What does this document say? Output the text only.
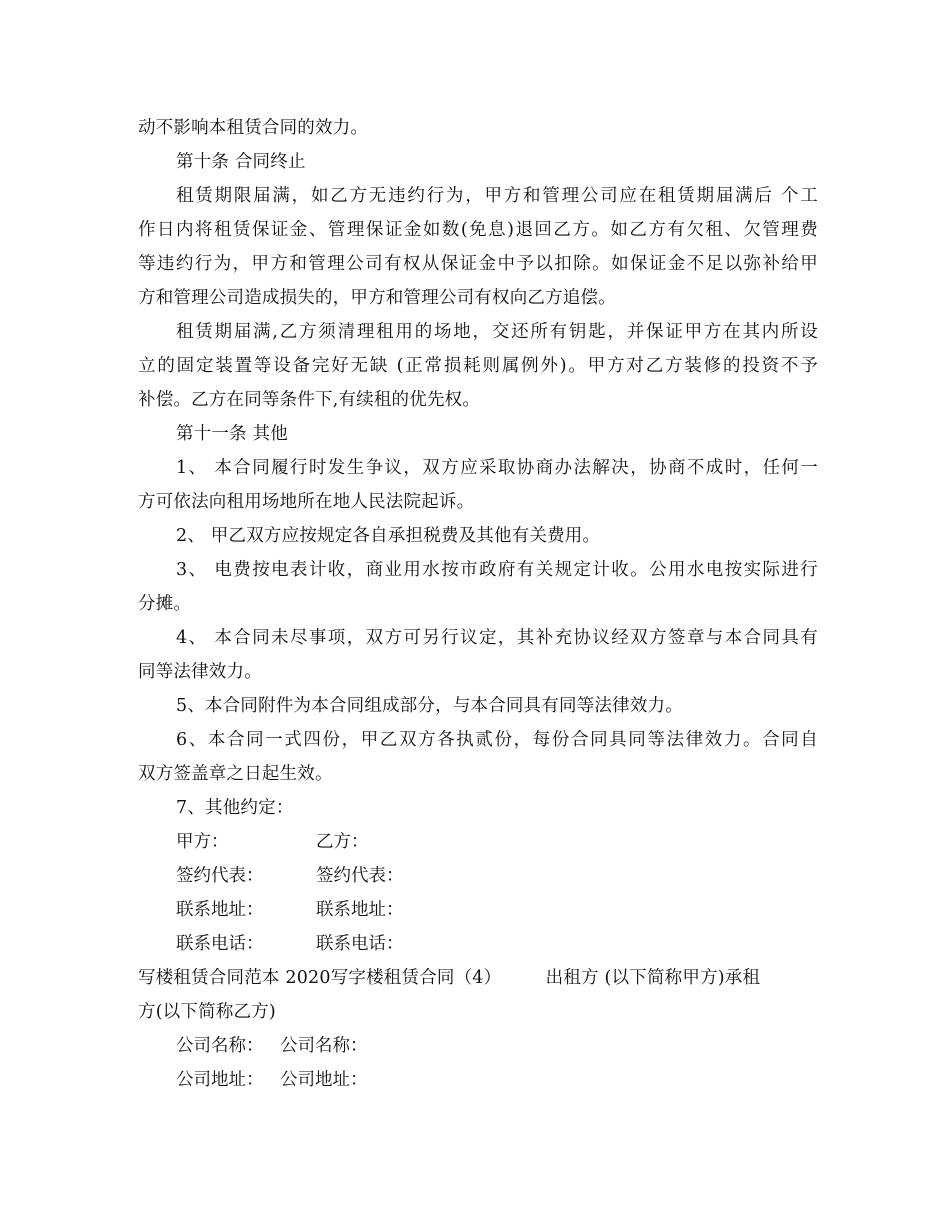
动不影响本租赁合同的效力。
第十条 合同终止
租赁期限届满，如乙方无违约行为，甲方和管理公司应在租赁期届满后 个工
作日内将租赁保证金、管理保证金如数(免息)退回乙方。如乙方有欠租、欠管理费
等违约行为，甲方和管理公司有权从保证金中予以扣除。如保证金不足以弥补给甲
方和管理公司造成损失的，甲方和管理公司有权向乙方追偿。
租赁期届满,乙方须清理租用的场地，交还所有钥匙，并保证甲方在其内所设
立的固定装置等设备完好无缺 (正常损耗则属例外)。甲方对乙方装修的投资不予
补偿。乙方在同等条件下,有续租的优先权。
第十一条 其他
1、 本合同履行时发生争议，双方应采取协商办法解决，协商不成时，任何一
方可依法向租用场地所在地人民法院起诉。
2、 甲乙双方应按规定各自承担税费及其他有关费用。
3、 电费按电表计收，商业用水按市政府有关规定计收。公用水电按实际进行
分摊。
4、 本合同未尽事项，双方可另行议定，其补充协议经双方签章与本合同具有
同等法律效力。
5、本合同附件为本合同组成部分，与本合同具有同等法律效力。
6、本合同一式四份，甲乙双方各执贰份，每份合同具同等法律效力。合同自
双方签盖章之日起生效。
7、其他约定：
甲方：	乙方：
签约代表：	签约代表：
联系地址：	联系地址：
联系电话：	联系电话：
写楼租赁合同范本 2020写字楼租赁合同（4）　　　出租方 (以下简称甲方)承租
方(以下简称乙方)
公司名称： 公司名称：
公司地址： 公司地址：
